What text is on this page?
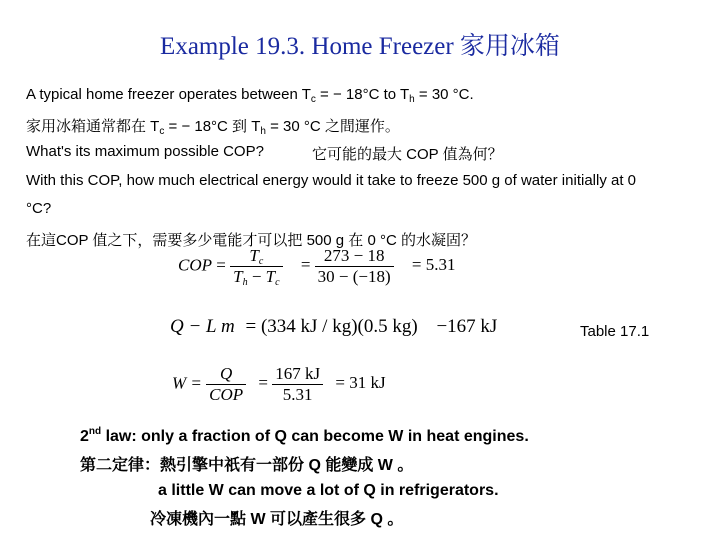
Example 19.3. Home Freezer 家用冰箱
A typical home freezer operates between $T_c$ = − 18°C to $T_h = 30$ °C.
家用冰箱通常都在 $T_c$ = − 18°C 到 $T_h = 30$ °C 之間運作。
What's its maximum possible COP?	它可能的最大 COP 值為何？
With this COP, how much electrical energy would it take to freeze 500 g of water initially at 0
°C?
在這COP 值之下，需要多少電能才可以把 500 g 在 0 °C 的水凝固？
COP = $\frac{T_c}{T_h - T_c} = \frac{273 - 18}{30 - (-18)} = 5.31$
Q − L m = (334 kJ / kg)(0.5 kg) −167 kJ	Table 17.1
$W = \frac{Q}{\text{COP}} = \frac{167 kJ}{5.31} = 31$ kJ
2nd law: only a fraction of Q can become W in heat engines.
第二定律：熱引擎中祇有一部份 Q 能變成 W 。
a little W can move a lot of Q in refrigerators.
冷凍機內一點 W 可以產生很多 Q 。
